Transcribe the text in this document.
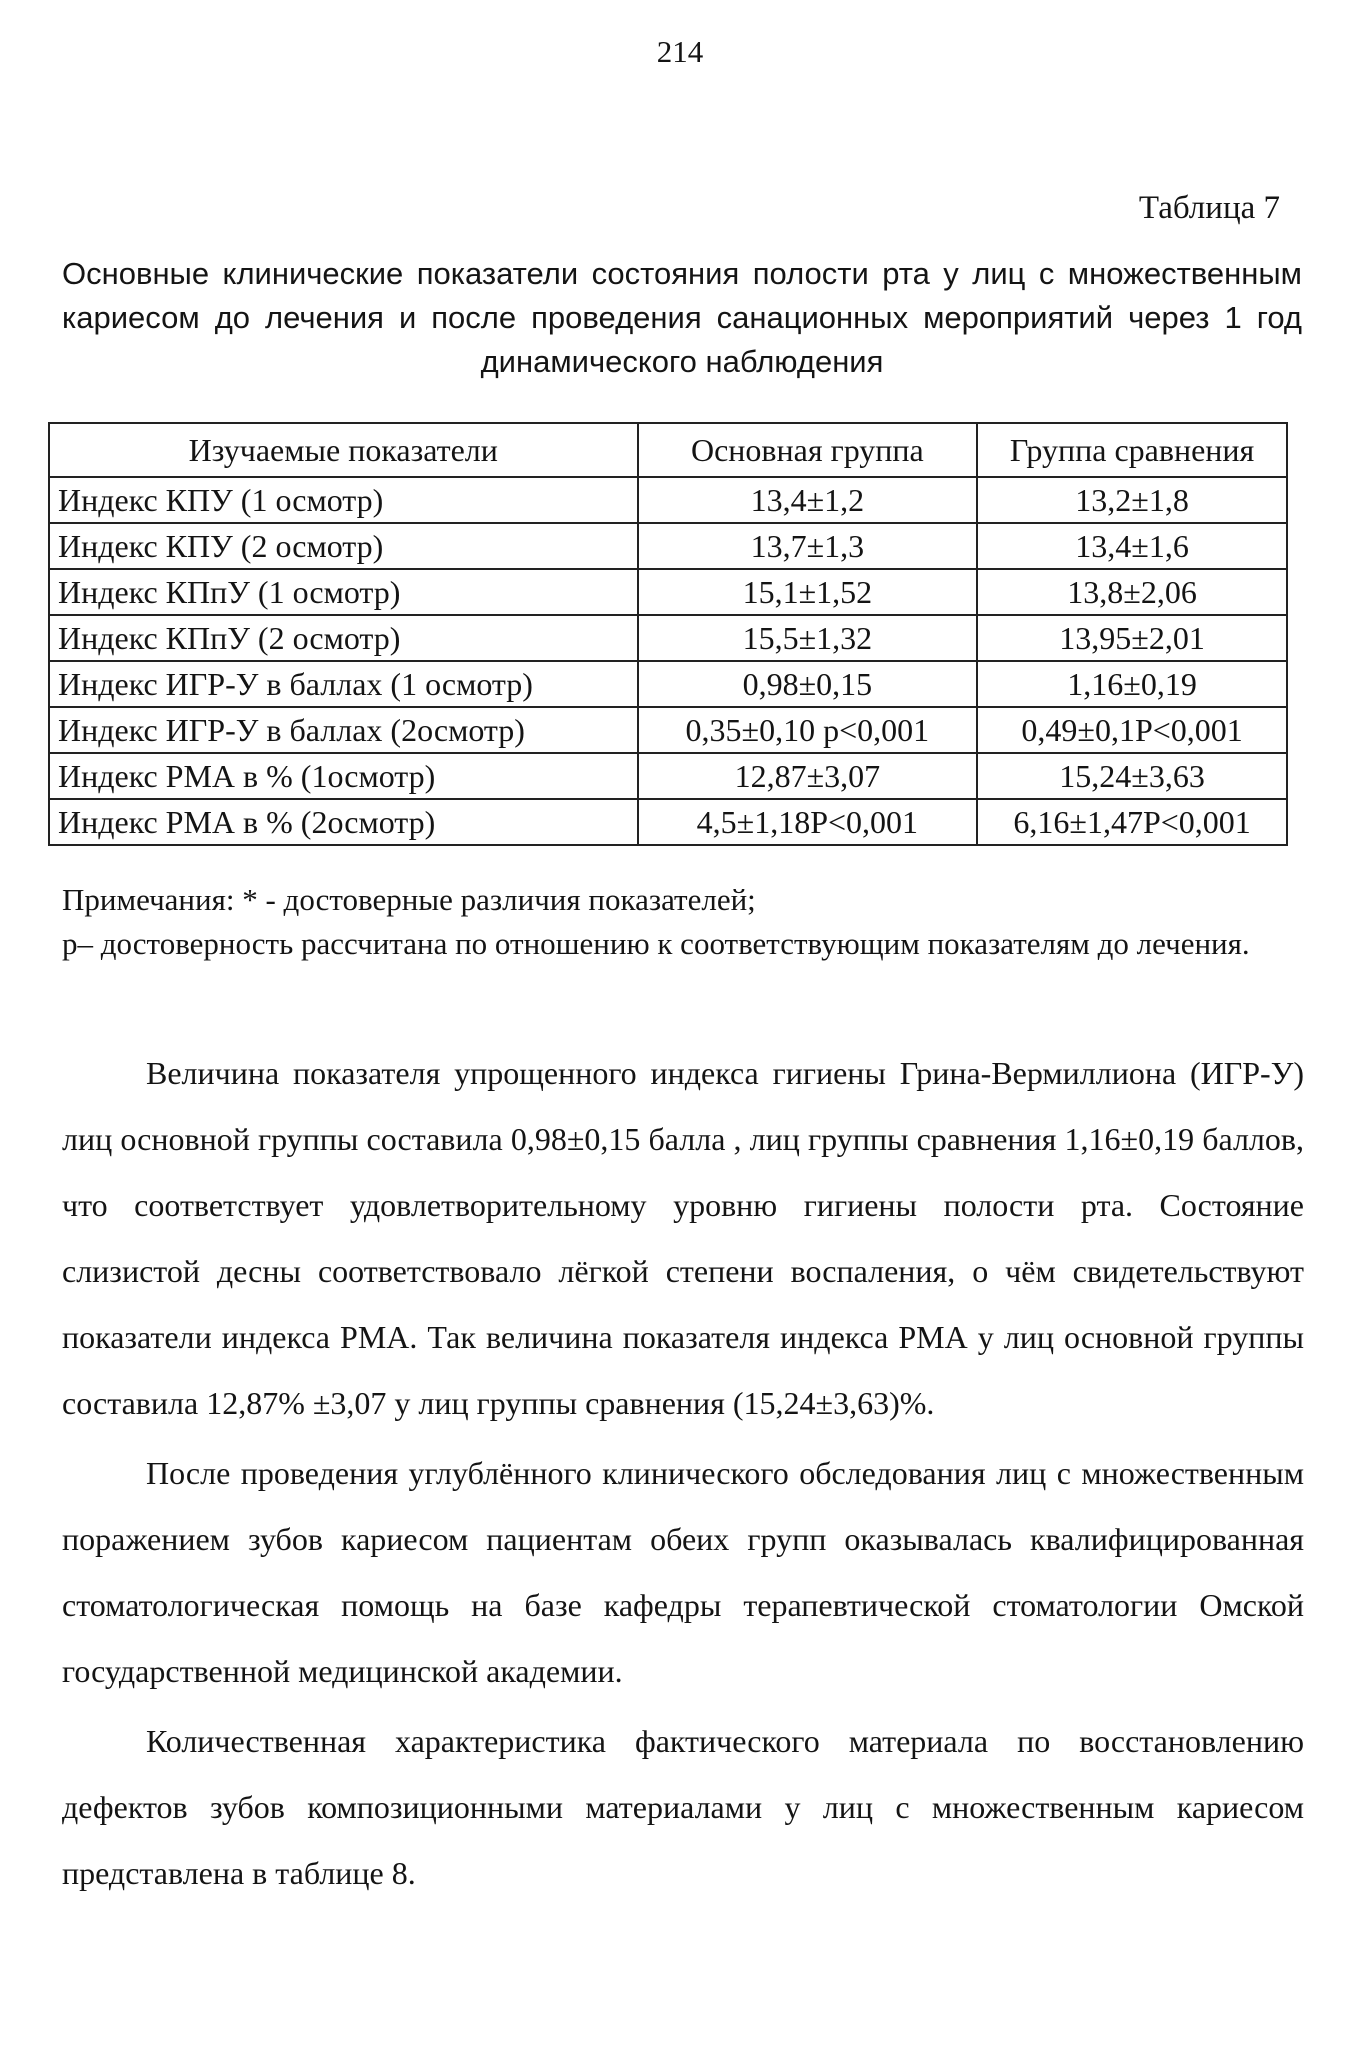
214
Таблица 7
Основные клинические показатели состояния полости рта у лиц с множественным кариесом до лечения и после проведения санационных мероприятий через 1 год динамического наблюдения
Изучаемые показатели	Основная группа	Группа сравнения
Индекс КПУ (1 осмотр)	13,4±1,2	13,2±1,8
Индекс КПУ (2 осмотр)	13,7±1,3	13,4±1,6
Индекс КПпУ (1 осмотр)	15,1±1,52	13,8±2,06
Индекс КПпУ (2 осмотр)	15,5±1,32	13,95±2,01
Индекс ИГР-У в баллах (1 осмотр)	0,98±0,15	1,16±0,19
Индекс ИГР-У в баллах (2осмотр)	0,35±0,10 p<0,001	0,49±0,1P<0,001
Индекс РМА в % (1осмотр)	12,87±3,07	15,24±3,63
Индекс РМА в % (2осмотр)	4,5±1,18P<0,001	6,16±1,47P<0,001

Примечания: * - достоверные различия показателей;

p– достоверность рассчитана по отношению к соответствующим показателям до лечения.

Величина показателя упрощенного индекса гигиены Грина-Вермиллиона (ИГР-У) лиц основной группы составила 0,98±0,15 балла , лиц группы сравнения 1,16±0,19 баллов, что соответствует удовлетворительному уровню гигиены полости рта. Состояние слизистой десны соответствовало лёгкой степени воспаления, о чём свидетельствуют показатели индекса РМА. Так величина показателя индекса РМА у лиц основной группы составила 12,87% ±3,07 у лиц группы сравнения (15,24±3,63)%.

После проведения углублённого клинического обследования лиц с множественным поражением зубов кариесом пациентам обеих групп оказывалась квалифицированная стоматологическая помощь на базе кафедры терапевтической стоматологии Омской государственной медицинской академии.

Количественная характеристика фактического материала по восстановлению дефектов зубов композиционными материалами у лиц с множественным кариесом представлена в таблице 8.
